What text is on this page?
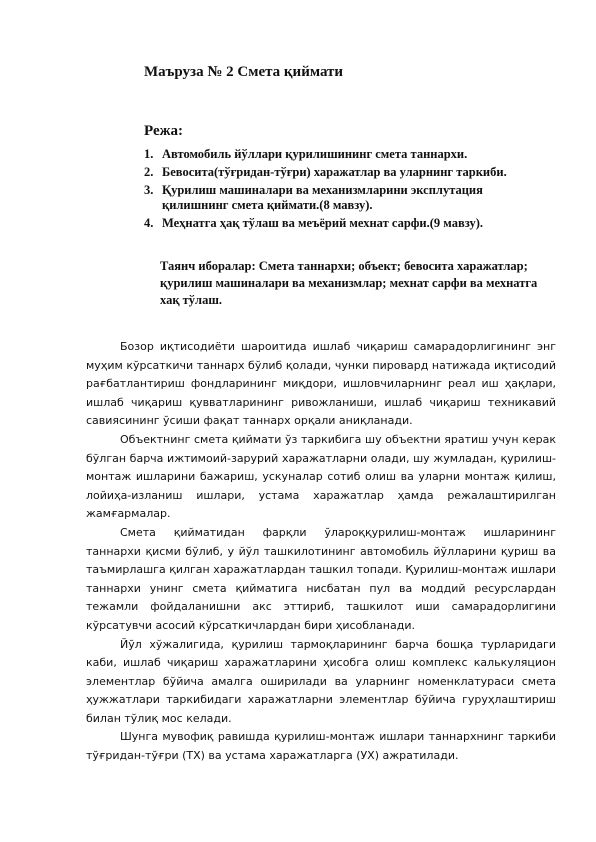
Маъруза № 2 Смета қиймати
Режа:
1. Автомобиль йўллари қурилишининг смета таннархи.
2. Бевосита(тўғридан-тўғри) харажатлар ва уларнинг таркиби.
3. Қурилиш машиналари ва механизмларини эксплутация қилишнинг смета қиймати.(8 мавзу).
4. Меҳнатга ҳақ тўлаш ва меъёрий мехнат сарфи.(9 мавзу).
Таянч иборалар: Смета таннархи; объект; бевосита харажатлар; қурилиш машиналари ва механизмлар; мехнат сарфи ва мехнатга хақ тўлаш.

Бозор иқтисодиёти шароитида ишлаб чиқариш самарадорлигининг энг муҳим кўрсаткичи таннарх бўлиб қолади, чунки пировард натижада иқтисодий рағбатлантириш фондларининг миқдори, ишловчиларнинг реал иш ҳақлари, ишлаб чиқариш қувватларининг ривожланиши, ишлаб чиқариш техникавий савиясининг ўсиши фақат таннарх орқали аниқланади.

Объектнинг смета қиймати ўз таркибига шу объектни яратиш учун керак бўлган барча ижтимоий-зарурий харажатларни олади, шу жумладан, қурилиш-монтаж ишларини бажариш, ускуналар сотиб олиш ва уларни монтаж қилиш, лойиҳа-изланиш ишлари, устама харажатлар ҳамда режалаштирилган жамғармалар.

Смета қийматидан фарқли ўлароққурилиш-монтаж ишларининг таннархи қисми бўлиб, у йўл ташкилотининг автомобиль йўлларини қуриш ва таъмирлашга қилган харажатлардан ташкил топади. Қурилиш-монтаж ишлари таннархи унинг смета қийматига нисбатан пул ва моддий ресурслардан тежамли фойдаланишни акс эттириб, ташкилот иши самарадорлигини кўрсатувчи асосий кўрсаткичлардан бири ҳисобланади.

Йўл хўжалигида, қурилиш тармоқларининг барча бошқа турларидаги каби, ишлаб чиқариш харажатларини ҳисобга олиш комплекс калькуляцион элементлар бўйича амалга оширилади ва уларнинг номенклатураси смета ҳужжатлари таркибидаги харажатларни элементлар бўйича гуруҳлаштириш билан тўлиқ мос келади.

Шунга мувофиқ равишда қурилиш-монтаж ишлари таннархнинг таркиби тўғридан-тўғри (ТХ) ва устама харажатларга (УХ) ажратилади.
